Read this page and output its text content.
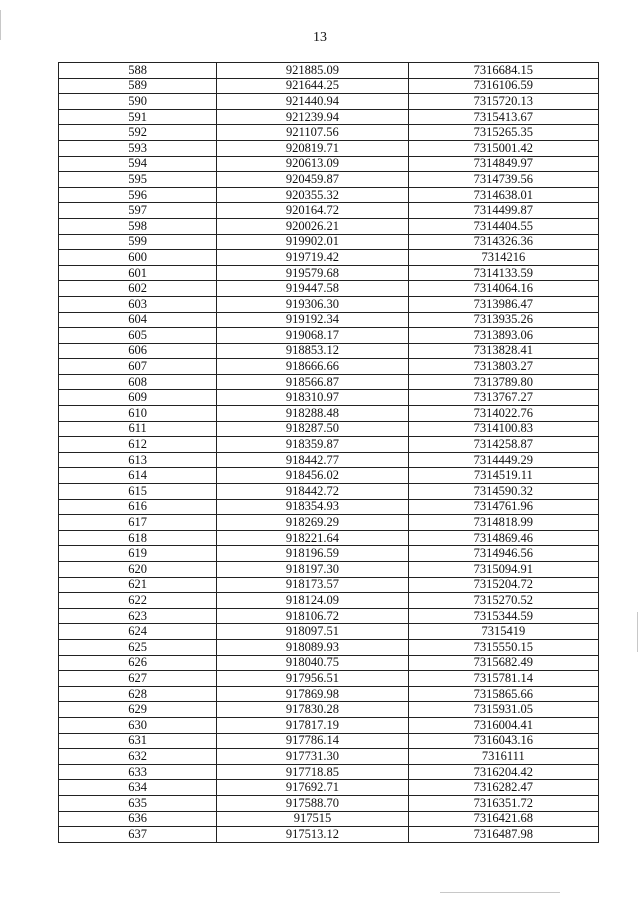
13
588	921885.09	7316684.15
589	921644.25	7316106.59
590	921440.94	7315720.13
591	921239.94	7315413.67
592	921107.56	7315265.35
593	920819.71	7315001.42
594	920613.09	7314849.97
595	920459.87	7314739.56
596	920355.32	7314638.01
597	920164.72	7314499.87
598	920026.21	7314404.55
599	919902.01	7314326.36
600	919719.42	7314216
601	919579.68	7314133.59
602	919447.58	7314064.16
603	919306.30	7313986.47
604	919192.34	7313935.26
605	919068.17	7313893.06
606	918853.12	7313828.41
607	918666.66	7313803.27
608	918566.87	7313789.80
609	918310.97	7313767.27
610	918288.48	7314022.76
611	918287.50	7314100.83
612	918359.87	7314258.87
613	918442.77	7314449.29
614	918456.02	7314519.11
615	918442.72	7314590.32
616	918354.93	7314761.96
617	918269.29	7314818.99
618	918221.64	7314869.46
619	918196.59	7314946.56
620	918197.30	7315094.91
621	918173.57	7315204.72
622	918124.09	7315270.52
623	918106.72	7315344.59
624	918097.51	7315419
625	918089.93	7315550.15
626	918040.75	7315682.49
627	917956.51	7315781.14
628	917869.98	7315865.66
629	917830.28	7315931.05
630	917817.19	7316004.41
631	917786.14	7316043.16
632	917731.30	7316111
633	917718.85	7316204.42
634	917692.71	7316282.47
635	917588.70	7316351.72
636	917515	7316421.68
637	917513.12	7316487.98
